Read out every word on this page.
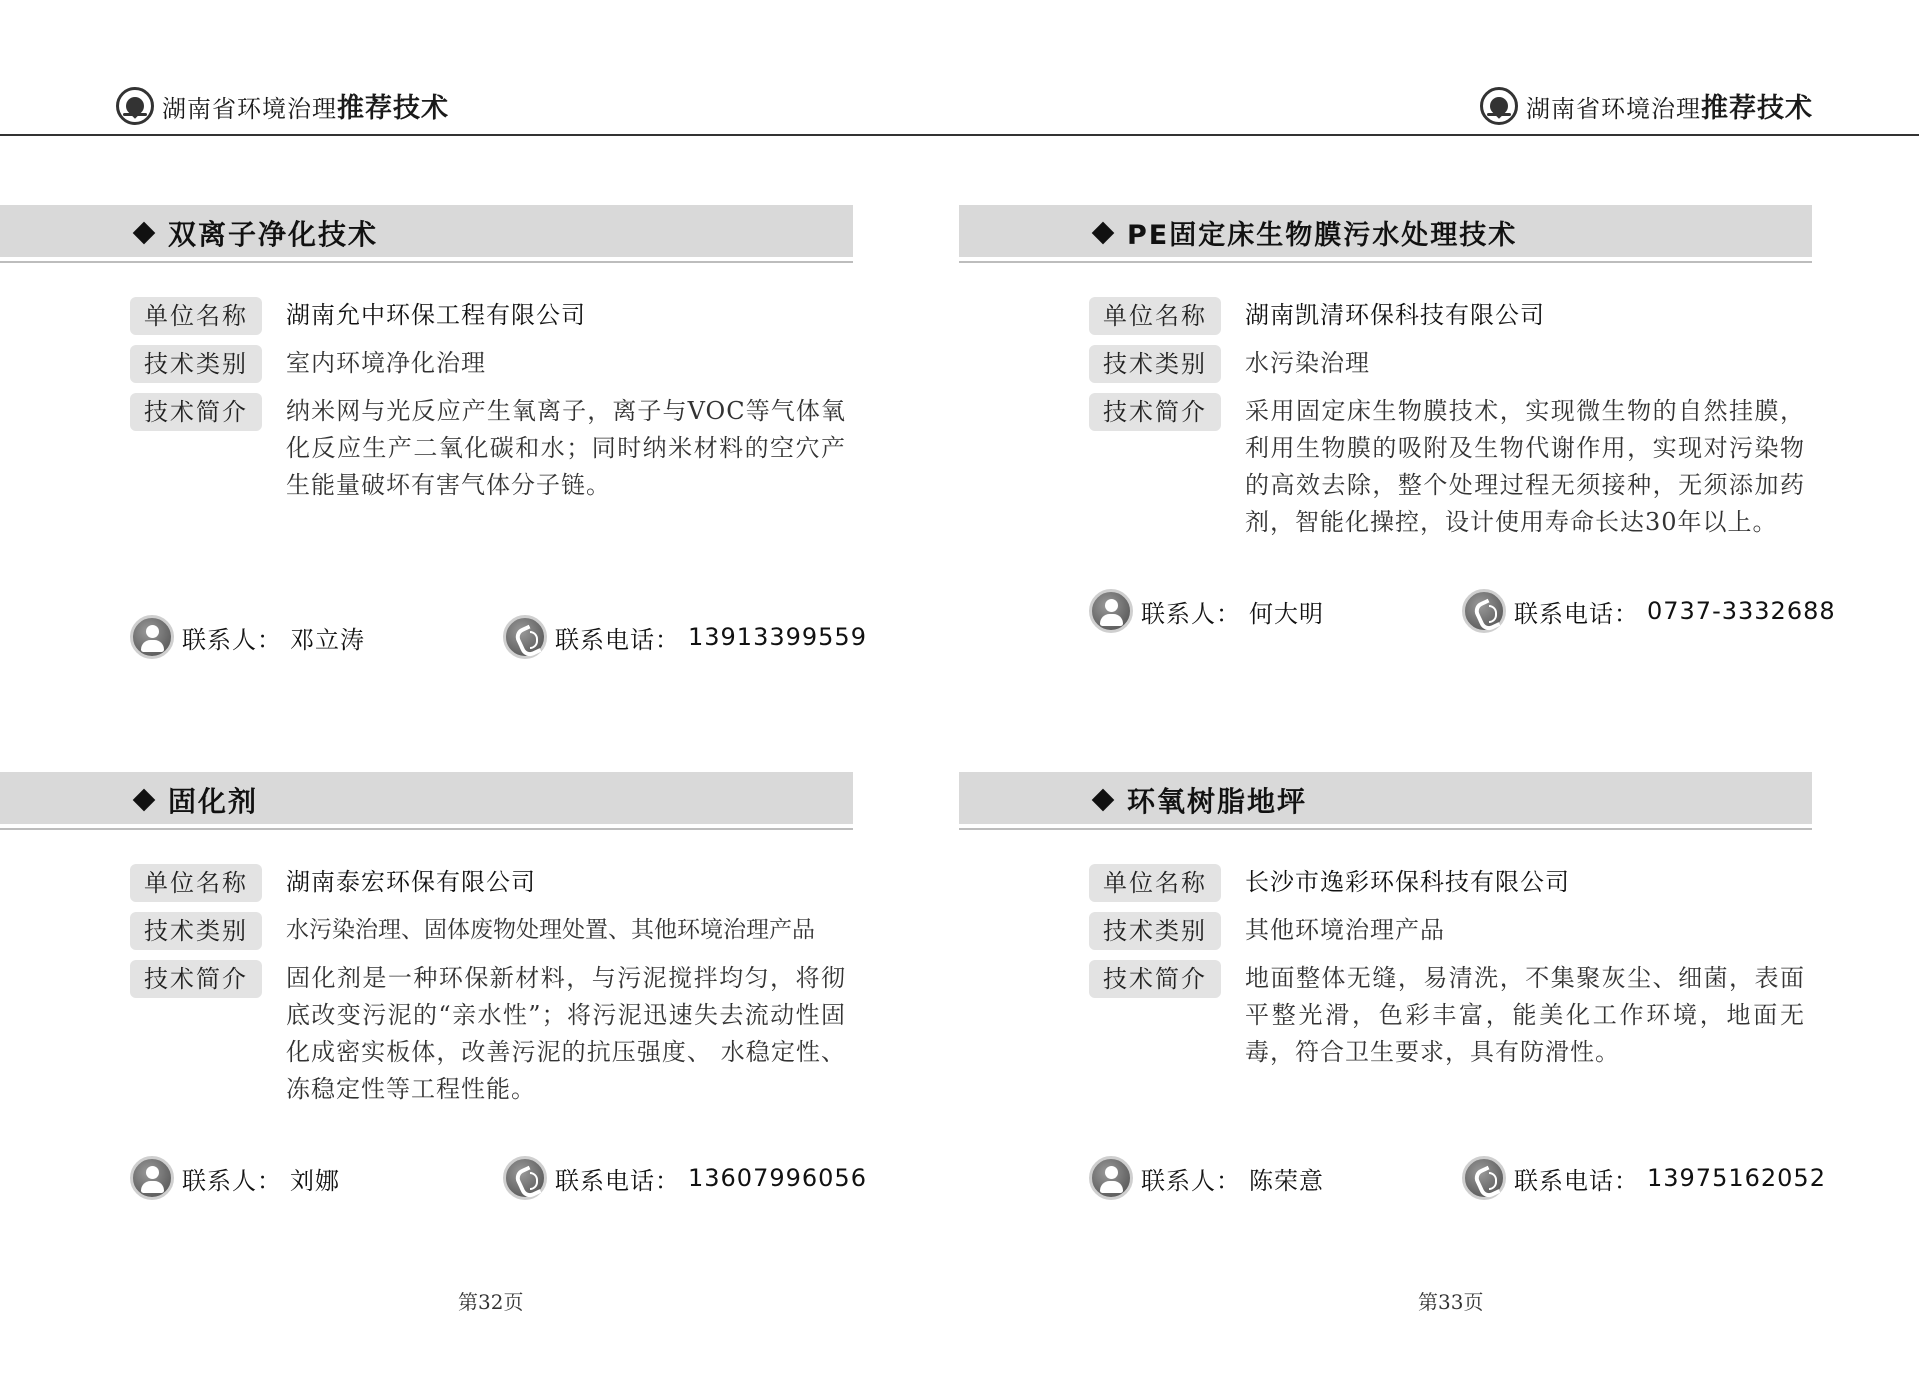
湖南省环境治理推荐技术	湖南省环境治理推荐技术
双离子净化技术
单位名称	湖南允中环保工程有限公司
技术类别	室内环境净化治理
技术简介	纳米网与光反应产生氧离子，离子与VOC等气体氧化反应生产二氧化碳和水；同时纳米材料的空穴产生能量破坏有害气体分子链。
联系人： 邓立涛	联系电话： 13913399559
PE固定床生物膜污水处理技术
单位名称	湖南凯清环保科技有限公司
技术类别	水污染治理
技术简介	采用固定床生物膜技术，实现微生物的自然挂膜，利用生物膜的吸附及生物代谢作用，实现对污染物的高效去除，整个处理过程无须接种，无须添加药剂，智能化操控，设计使用寿命长达30年以上。
联系人： 何大明	联系电话： 0737-3332688
固化剂
单位名称	湖南泰宏环保有限公司
技术类别	水污染治理、固体废物处理处置、其他环境治理产品
技术简介	固化剂是一种环保新材料，与污泥搅拌均匀，将彻底改变污泥的“亲水性”；将污泥迅速失去流动性固化成密实板体，改善污泥的抗压强度、 水稳定性、冻稳定性等工程性能。
联系人： 刘娜	联系电话： 13607996056
环氧树脂地坪
单位名称	长沙市逸彩环保科技有限公司
技术类别	其他环境治理产品
技术简介	地面整体无缝，易清洗，不集聚灰尘、细菌，表面平整光滑，色彩丰富，能美化工作环境，地面无毒，符合卫生要求，具有防滑性。
联系人： 陈荣意	联系电话： 13975162052
第32页	第33页
